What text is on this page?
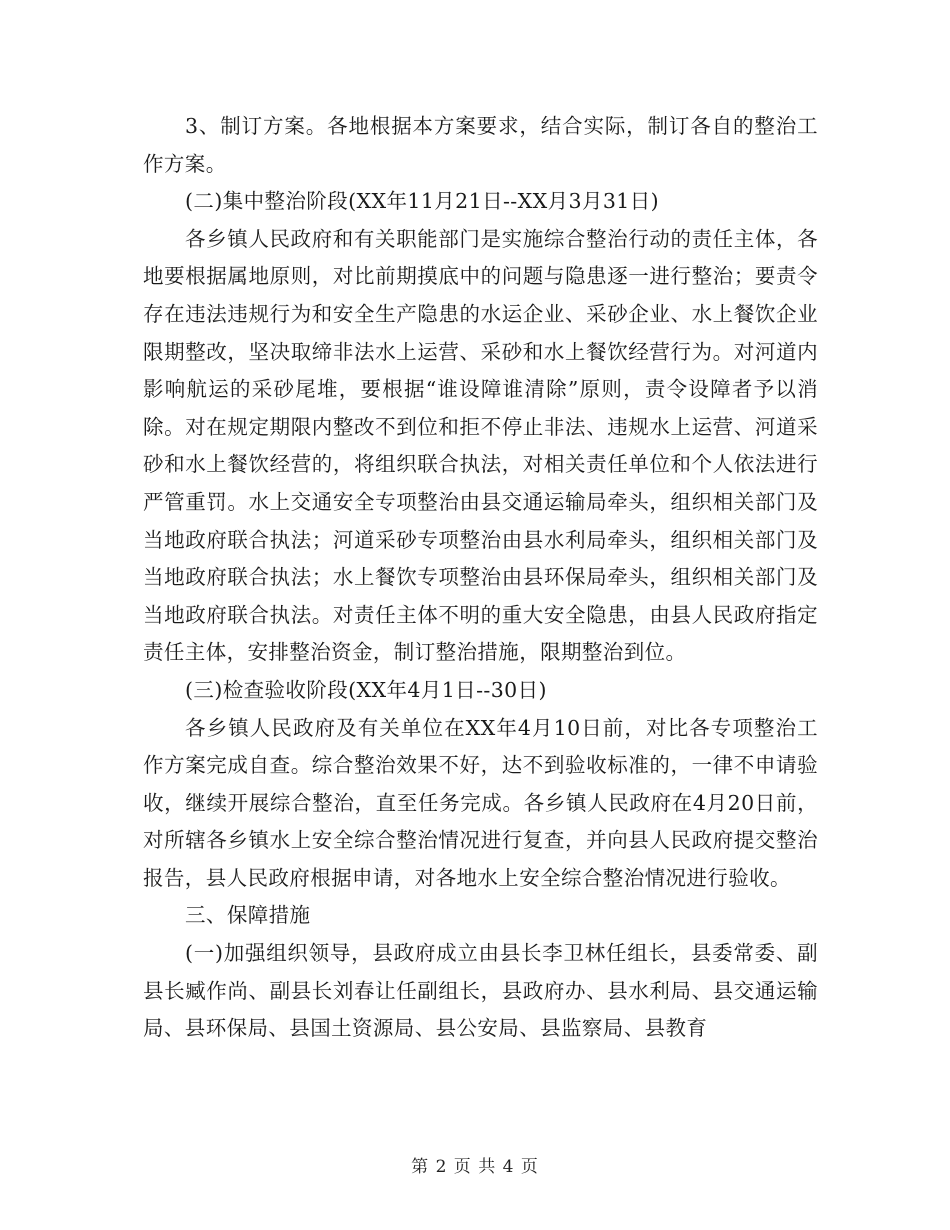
3、制订方案。各地根据本方案要求，结合实际，制订各自的整治工作方案。

(二)集中整治阶段(XX年11月21日--XX月3月31日)

各乡镇人民政府和有关职能部门是实施综合整治行动的责任主体，各地要根据属地原则，对比前期摸底中的问题与隐患逐一进行整治；要责令存在违法违规行为和安全生产隐患的水运企业、采砂企业、水上餐饮企业限期整改，坚决取缔非法水上运营、采砂和水上餐饮经营行为。对河道内影响航运的采砂尾堆，要根据“谁设障谁清除”原则，责令设障者予以消除。对在规定期限内整改不到位和拒不停止非法、违规水上运营、河道采砂和水上餐饮经营的，将组织联合执法，对相关责任单位和个人依法进行严管重罚。水上交通安全专项整治由县交通运输局牵头，组织相关部门及当地政府联合执法；河道采砂专项整治由县水利局牵头，组织相关部门及当地政府联合执法；水上餐饮专项整治由县环保局牵头，组织相关部门及当地政府联合执法。对责任主体不明的重大安全隐患，由县人民政府指定责任主体，安排整治资金，制订整治措施，限期整治到位。

(三)检查验收阶段(XX年4月1日--30日)

各乡镇人民政府及有关单位在XX年4月10日前，对比各专项整治工作方案完成自查。综合整治效果不好，达不到验收标准的，一律不申请验收，继续开展综合整治，直至任务完成。各乡镇人民政府在4月20日前，对所辖各乡镇水上安全综合整治情况进行复查，并向县人民政府提交整治报告，县人民政府根据申请，对各地水上安全综合整治情况进行验收。

三、保障措施

(一)加强组织领导，县政府成立由县长李卫林任组长，县委常委、副县长臧作尚、副县长刘春让任副组长，县政府办、县水利局、县交通运输局、县环保局、县国土资源局、县公安局、县监察局、县教育

第 2 页 共 4 页
